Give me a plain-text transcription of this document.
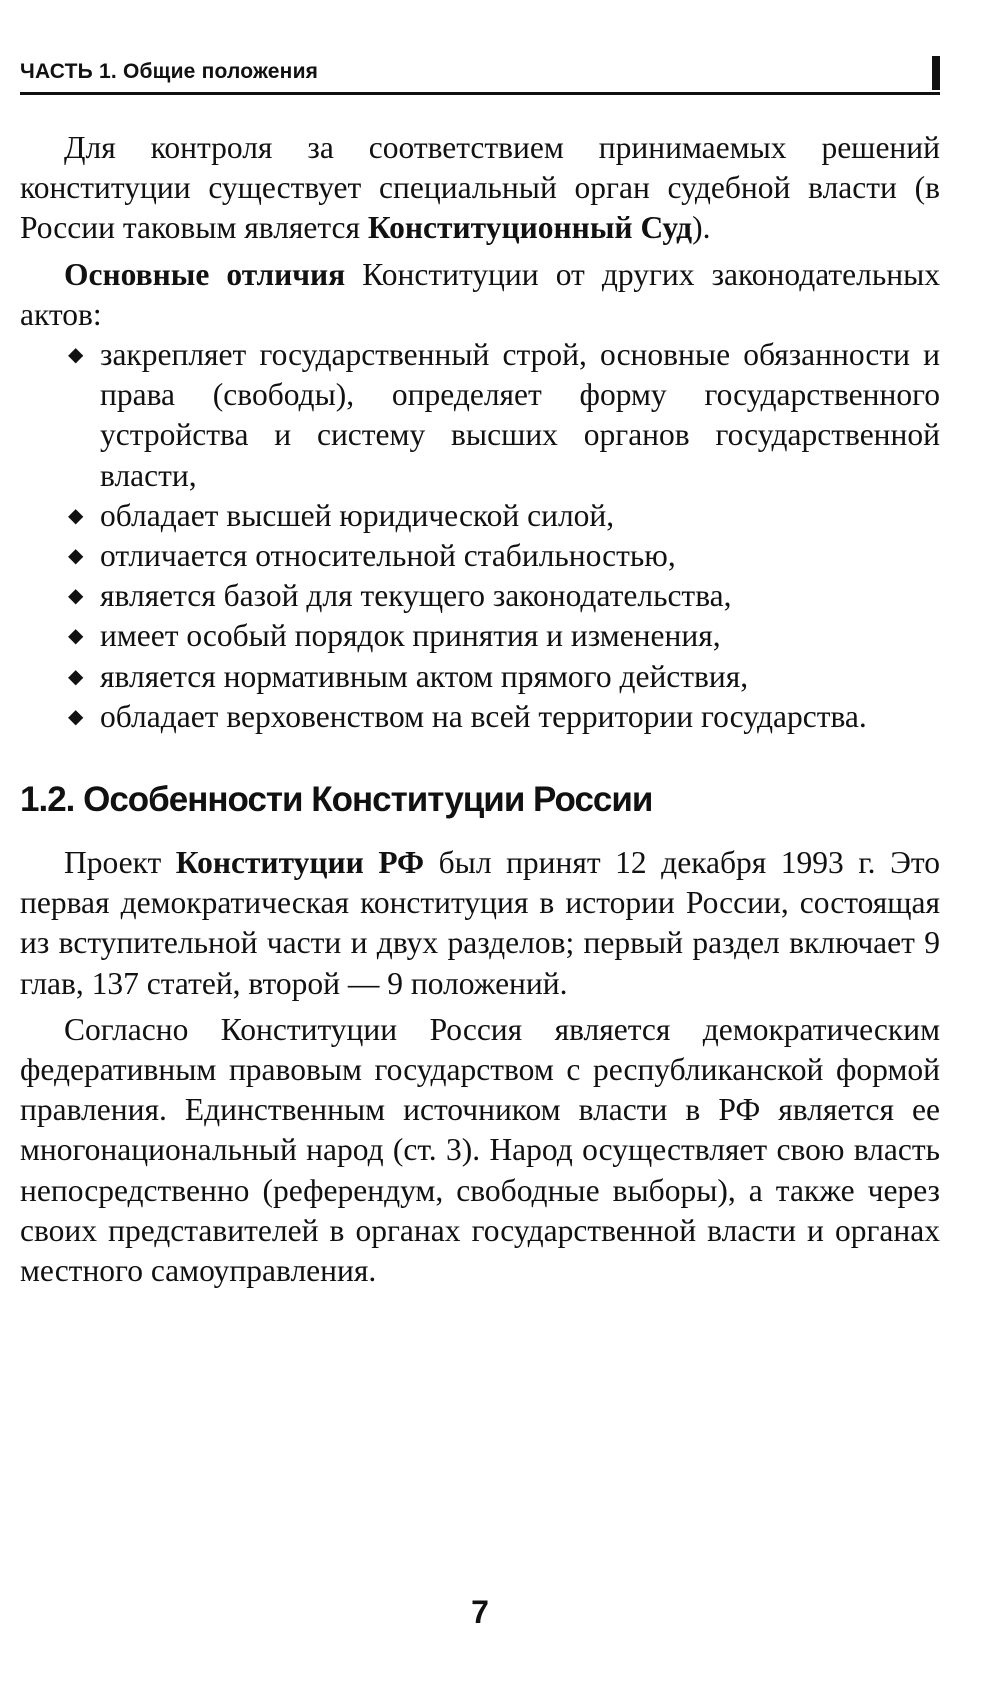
ЧАСТЬ 1. Общие положения

Для контроля за соответствием принимаемых решений конституции существует специальный орган судебной власти (в России таковым является Конституционный Суд).

Основные отличия Конституции от других законодательных актов:

◆ закрепляет государственный строй, основные обязанности и права (свободы), определяет форму государственного устройства и систему высших органов государственной власти,
◆ обладает высшей юридической силой,
◆ отличается относительной стабильностью,
◆ является базой для текущего законодательства,
◆ имеет особый порядок принятия и изменения,
◆ является нормативным актом прямого действия,
◆ обладает верховенством на всей территории государства.
1.2. Особенности Конституции России

Проект Конституции РФ был принят 12 декабря 1993 г. Это первая демократическая конституция в истории России, состоящая из вступительной части и двух разделов; первый раздел включает 9 глав, 137 статей, второй — 9 положений.

Согласно Конституции Россия является демократическим федеративным правовым государством с республиканской формой правления. Единственным источником власти в РФ является ее многонациональный народ (ст. 3). Народ осуществляет свою власть непосредственно (референдум, свободные выборы), а также через своих представителей в органах государственной власти и органах местного самоуправления.

7
